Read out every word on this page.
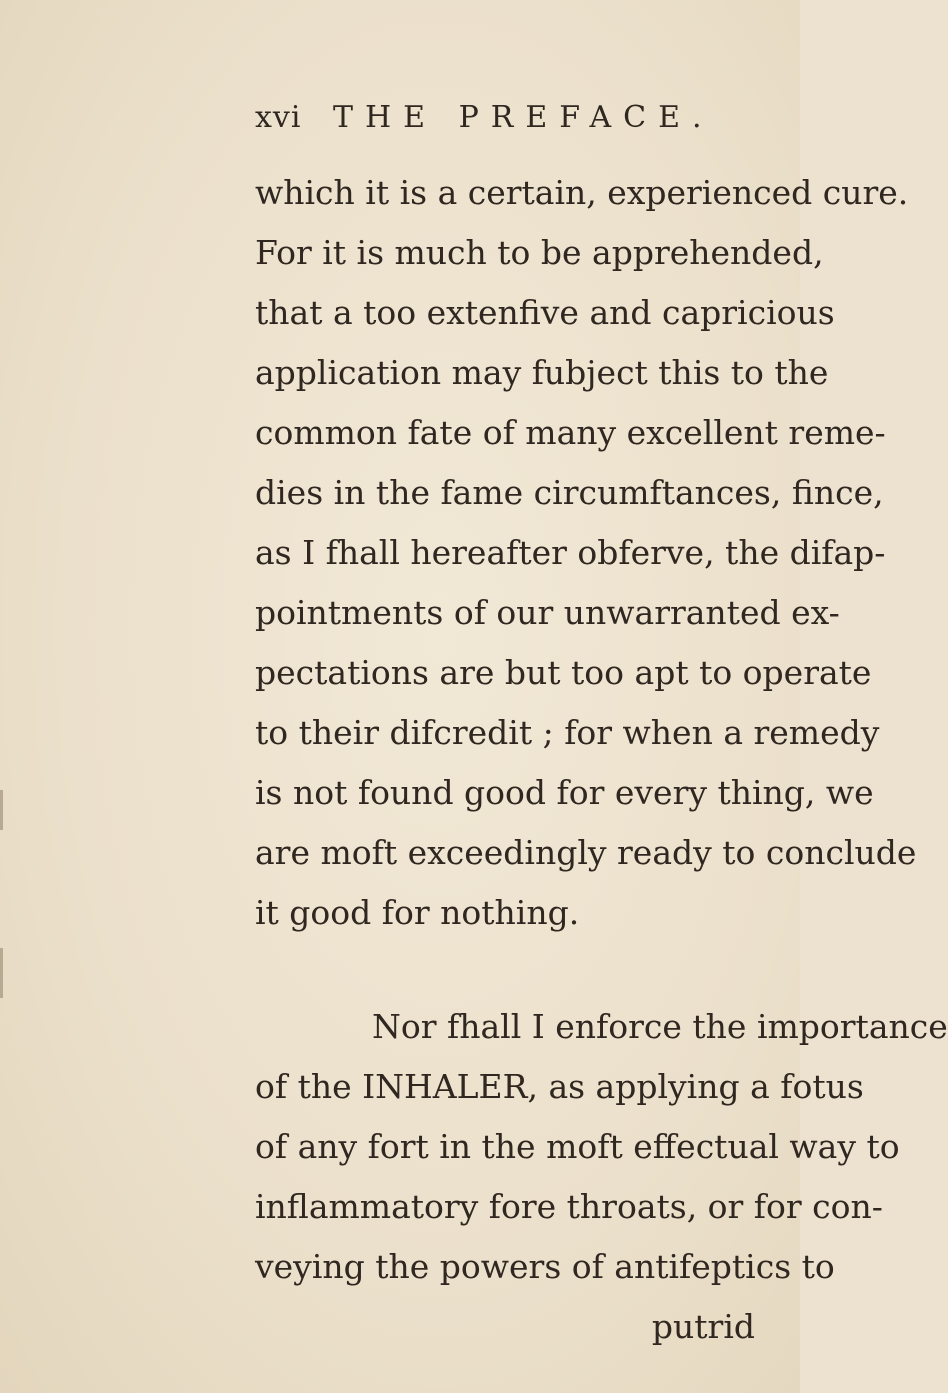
xvi THE PREFACE.
which it is a certain, experienced cure.
For it is much to be apprehended,
that a too extenfive and capricious
application may fubject this to the
common fate of many excellent reme-
dies in the fame circumftances, fince,
as I fhall hereafter obferve, the difap-
pointments of our unwarranted ex-
pectations are but too apt to operate
to their difcredit ; for when a remedy
is not found good for every thing, we
are moft exceedingly ready to conclude
it good for nothing.
Nor fhall I enforce the importance
of the INHALER, as applying a fotus
of any fort in the moft effectual way to
inflammatory fore throats, or for con-
veying the powers of antifeptics to
putrid
